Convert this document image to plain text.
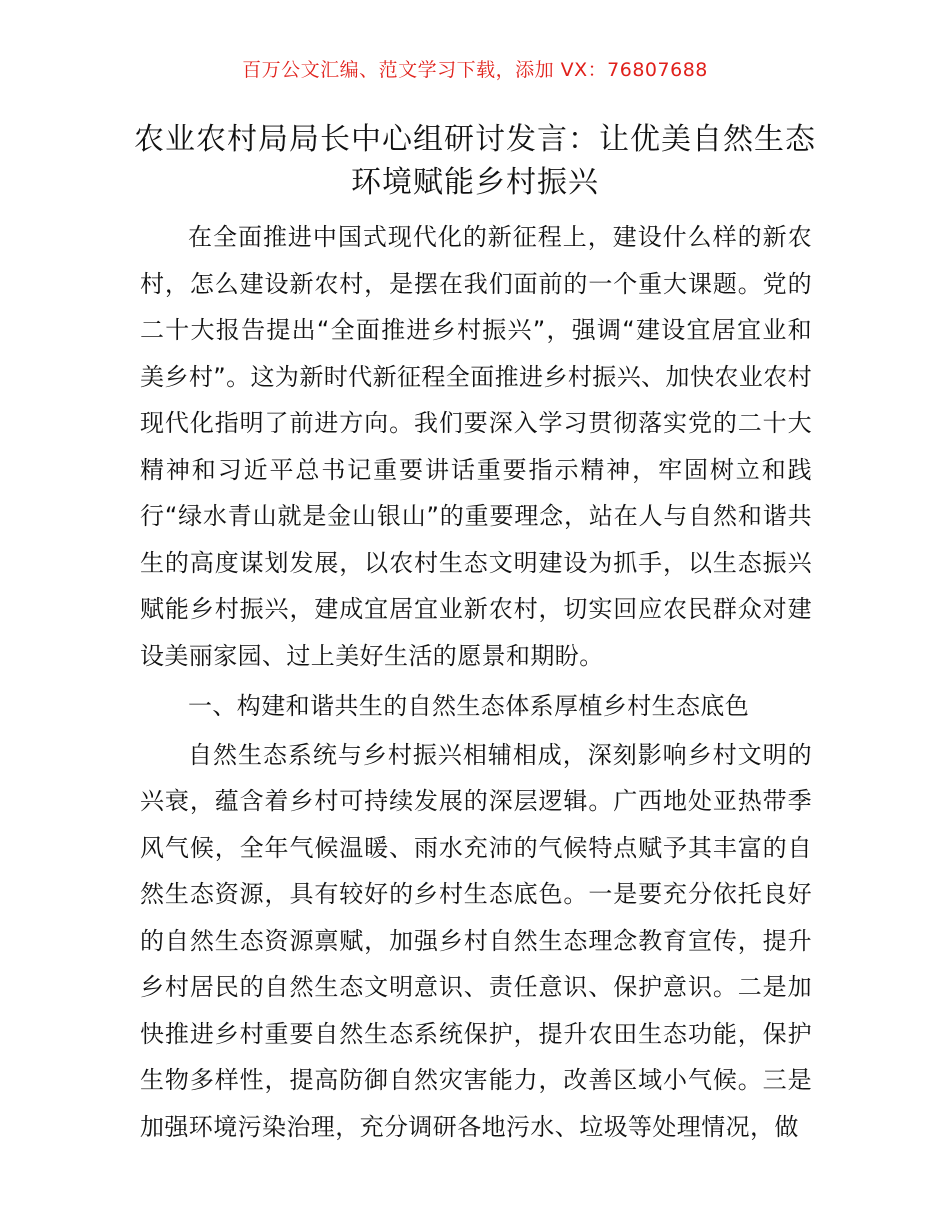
百万公文汇编、范文学习下载，添加 VX：76807688
农业农村局局长中心组研讨发言：让优美自然生态环境赋能乡村振兴

在全面推进中国式现代化的新征程上，建设什么样的新农村，怎么建设新农村，是摆在我们面前的一个重大课题。党的二十大报告提出“全面推进乡村振兴”，强调“建设宜居宜业和美乡村”。这为新时代新征程全面推进乡村振兴、加快农业农村现代化指明了前进方向。我们要深入学习贯彻落实党的二十大精神和习近平总书记重要讲话重要指示精神，牢固树立和践行“绿水青山就是金山银山”的重要理念，站在人与自然和谐共生的高度谋划发展，以农村生态文明建设为抓手，以生态振兴赋能乡村振兴，建成宜居宜业新农村，切实回应农民群众对建设美丽家园、过上美好生活的愿景和期盼。

一、构建和谐共生的自然生态体系厚植乡村生态底色

自然生态系统与乡村振兴相辅相成，深刻影响乡村文明的兴衰，蕴含着乡村可持续发展的深层逻辑。广西地处亚热带季风气候，全年气候温暖、雨水充沛的气候特点赋予其丰富的自然生态资源，具有较好的乡村生态底色。一是要充分依托良好的自然生态资源禀赋，加强乡村自然生态理念教育宣传，提升乡村居民的自然生态文明意识、责任意识、保护意识。二是加快推进乡村重要自然生态系统保护，提升农田生态功能，保护生物多样性，提高防御自然灾害能力，改善区域小气候。三是加强环境污染治理，充分调研各地污水、垃圾等处理情况，做
